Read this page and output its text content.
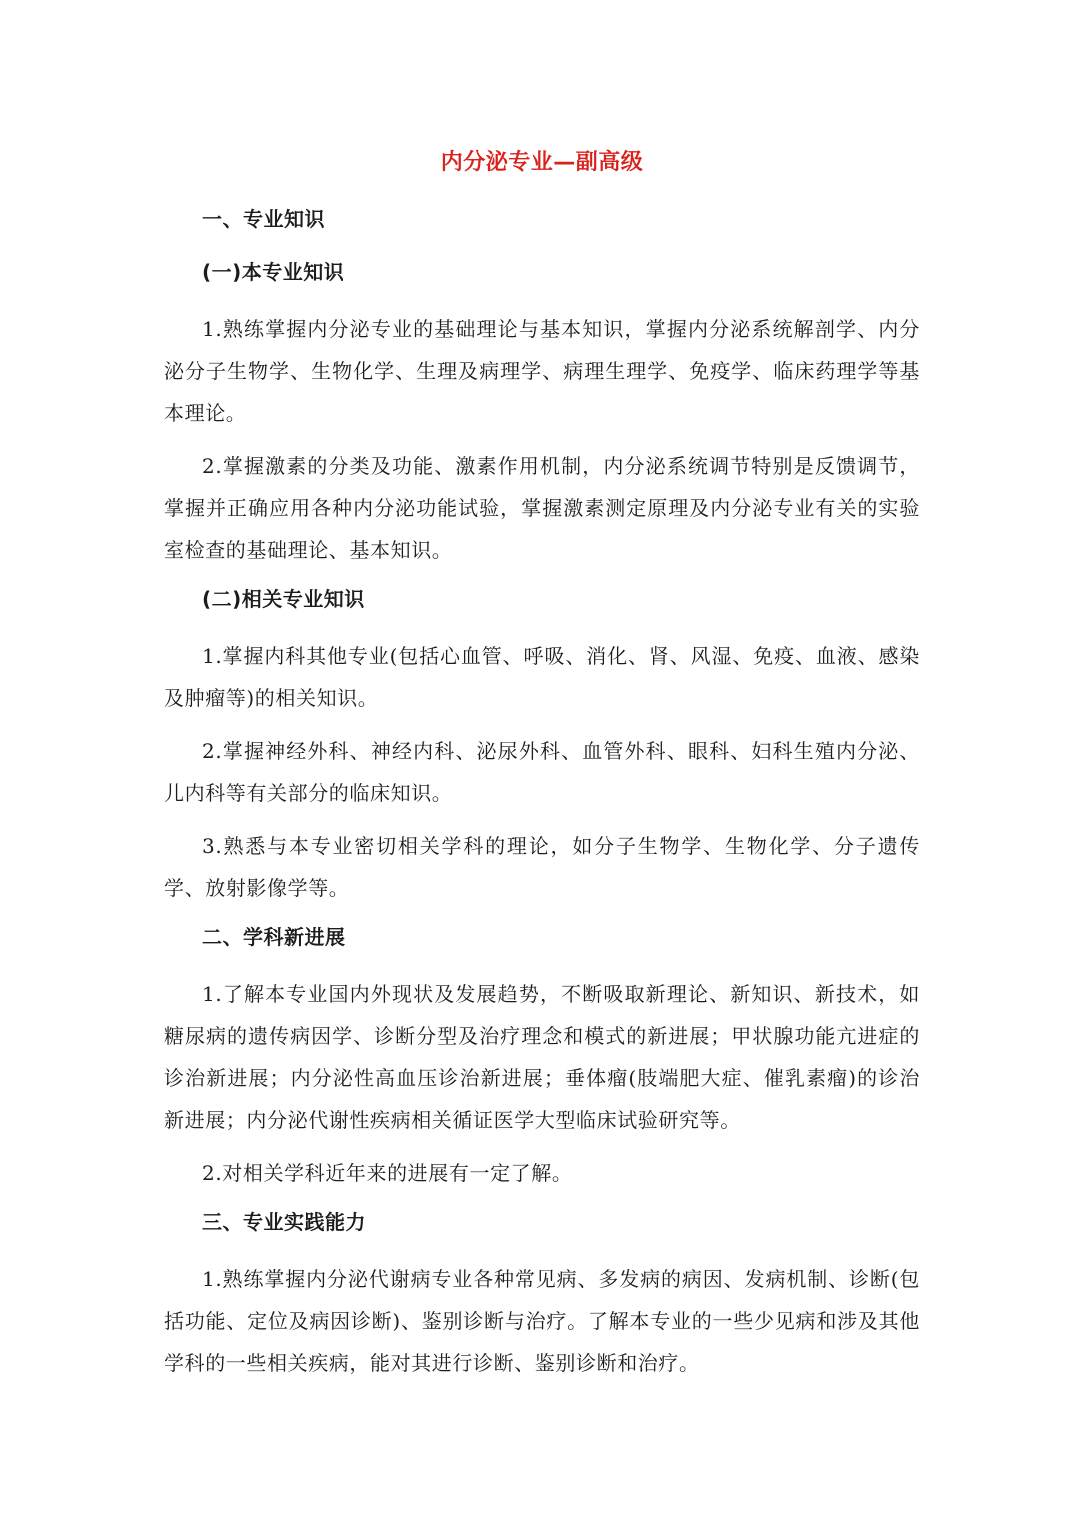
内分泌专业—副高级
一、专业知识
(一)本专业知识

1.熟练掌握内分泌专业的基础理论与基本知识，掌握内分泌系统解剖学、内分泌分子生物学、生物化学、生理及病理学、病理生理学、免疫学、临床药理学等基本理论。

2.掌握激素的分类及功能、激素作用机制，内分泌系统调节特别是反馈调节，掌握并正确应用各种内分泌功能试验，掌握激素测定原理及内分泌专业有关的实验室检查的基础理论、基本知识。

(二)相关专业知识

1.掌握内科其他专业(包括心血管、呼吸、消化、肾、风湿、免疫、血液、感染及肿瘤等)的相关知识。

2.掌握神经外科、神经内科、泌尿外科、血管外科、眼科、妇科生殖内分泌、儿内科等有关部分的临床知识。

3.熟悉与本专业密切相关学科的理论，如分子生物学、生物化学、分子遗传学、放射影像学等。

二、学科新进展

1.了解本专业国内外现状及发展趋势，不断吸取新理论、新知识、新技术，如糖尿病的遗传病因学、诊断分型及治疗理念和模式的新进展；甲状腺功能亢进症的诊治新进展；内分泌性高血压诊治新进展；垂体瘤(肢端肥大症、催乳素瘤)的诊治新进展；内分泌代谢性疾病相关循证医学大型临床试验研究等。

2.对相关学科近年来的进展有一定了解。

三、专业实践能力

1.熟练掌握内分泌代谢病专业各种常见病、多发病的病因、发病机制、诊断(包括功能、定位及病因诊断)、鉴别诊断与治疗。了解本专业的一些少见病和涉及其他学科的一些相关疾病，能对其进行诊断、鉴别诊断和治疗。
